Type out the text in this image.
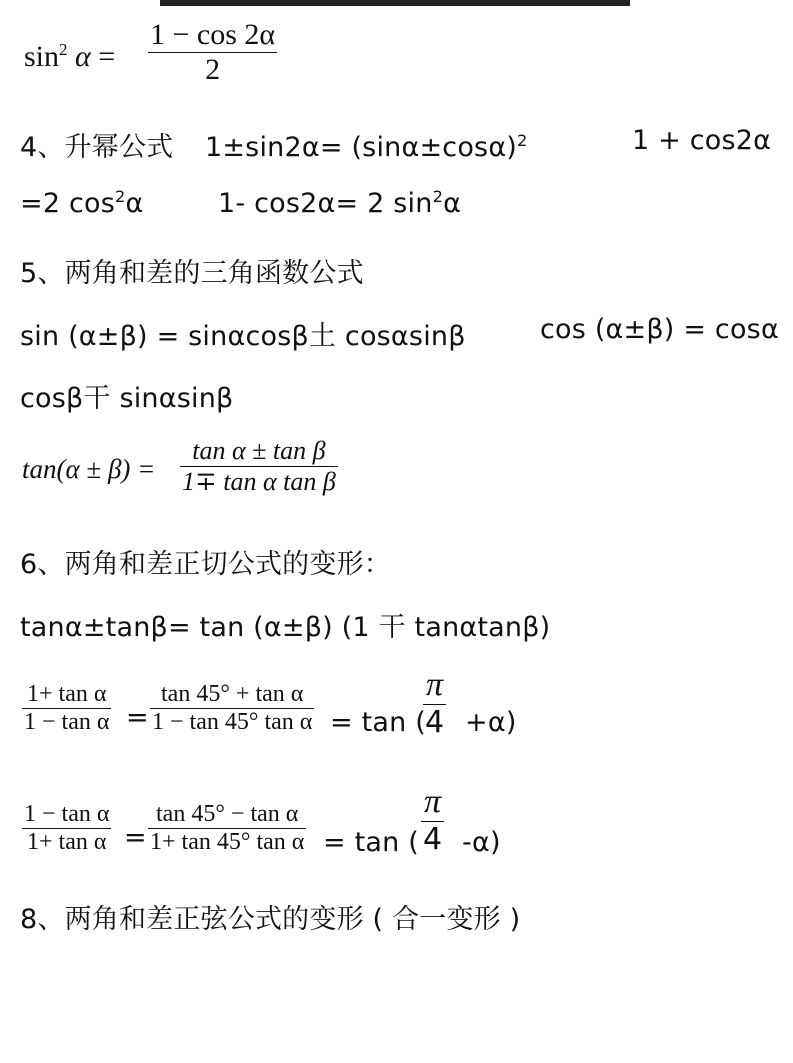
$\sin^2 \alpha$ =
1 − cos 2α
2
4、升幂公式 $1\pm\sin 2\alpha= (\sin\alpha\pm\cos\alpha)^2$	1 + cos2α
=2 $\cos^2\alpha$	1- cos2α= 2 $\sin^2\alpha$
5、两角和差的三角函数公式
sin (α±β) = sinαcosβ土 cosαsinβ	cos (α±β) = cosα
cosβ干 sinαsinβ
tan(α ± β) =
tan α ± tan β
1∓ tan α tan β
6、两角和差正切公式的变形：
tanα±tanβ= tan (α±β) (1 干 tanαtanβ)
1+ tan α
1 − tan α =
tan 45° + tan α
1 − tan 45° tan α = tan (
π
4 +α)
1 − tan α
1+ tan α =
tan 45° − tan α
1+ tan 45° tan α = tan (
π
4 -α)
8、两角和差正弦公式的变形 ( 合一变形 )
